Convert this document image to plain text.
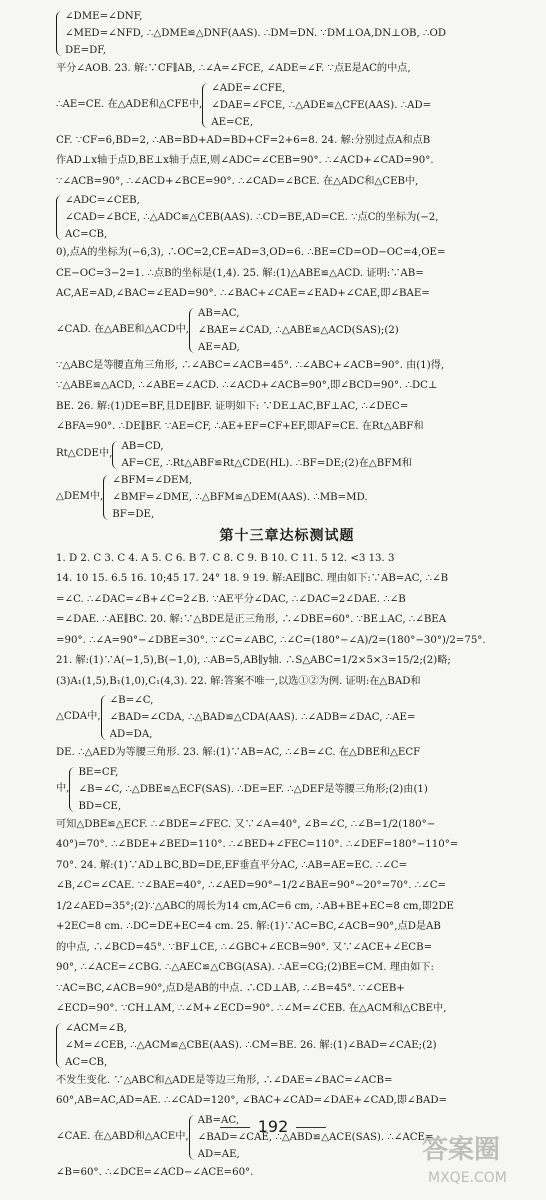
∠DME=∠DNF,
∠MED=∠NFD, ∴△DME≌△DNF(AAS). ∴DM=DN. ∵DM⊥OA,DN⊥OB, ∴OD
DE=DF,
平分∠AOB. 23. 解:∵CF∥AB, ∴∠A=∠FCE, ∠ADE=∠F. ∵点E是AC的中点,
∴AE=CE. 在△ADE和△CFE中,
∠ADE=∠CFE,
∠DAE=∠FCE, ∴△ADE≌△CFE(AAS). ∴AD=
AE=CE,
CF. ∵CF=6,BD=2, ∴AB=BD+AD=BD+CF=2+6=8. 24. 解:分别过点A和点B
作AD⊥x轴于点D,BE⊥x轴于点E,则∠ADC=∠CEB=90°. ∴∠ACD+∠CAD=90°.
∵∠ACB=90°, ∴∠ACD+∠BCE=90°. ∴∠CAD=∠BCE. 在△ADC和△CEB中,
∠ADC=∠CEB,
∠CAD=∠BCE, ∴△ADC≌△CEB(AAS). ∴CD=BE,AD=CE. ∵点C的坐标为(−2,
AC=CB,
0),点A的坐标为(−6,3), ∴OC=2,CE=AD=3,OD=6. ∴BE=CD=OD−OC=4,OE=
CE−OC=3−2=1. ∴点B的坐标是(1,4). 25. 解:(1)△ABE≌△ACD. 证明:∵AB=
AC,AE=AD,∠BAC=∠EAD=90°. ∴∠BAC+∠CAE=∠EAD+∠CAE,即∠BAE=
∠CAD. 在△ABE和△ACD中,
AB=AC,
∠BAE=∠CAD, ∴△ABE≌△ACD(SAS);(2)
AE=AD,
∵△ABC是等腰直角三角形, ∴∠ABC=∠ACB=45°. ∴∠ABC+∠ACB=90°. 由(1)得,
∵△ABE≌△ACD, ∴∠ABE=∠ACD. ∴∠ACD+∠ACB=90°,即∠BCD=90°. ∴DC⊥
BE. 26. 解:(1)DE=BF,且DE∥BF. 证明如下: ∵DE⊥AC,BF⊥AC, ∴∠DEC=
∠BFA=90°. ∴DE∥BF. ∵AE=CF, ∴AE+EF=CF+EF,即AF=CE. 在Rt△ABF和
Rt△CDE中,
AB=CD,
AF=CE, ∴Rt△ABF≌Rt△CDE(HL). ∴BF=DE;(2)在△BFM和
△DEM中,
∠BFM=∠DEM,
∠BMF=∠DME, ∴△BFM≌△DEM(AAS). ∴MB=MD.
BF=DE,
第十三章达标测试题
1. D 2. C 3. C 4. A 5. C 6. B 7. C 8. C 9. B 10. C 11. 5 12. <3 13. 3
14. 10 15. 6.5 16. 10;45 17. 24° 18. 9 19. 解:AE∥BC. 理由如下:∵AB=AC, ∴∠B
=∠C. ∴∠DAC=∠B+∠C=2∠B. ∵AE平分∠DAC, ∴∠DAC=2∠DAE. ∴∠B
=∠DAE. ∴AE∥BC. 20. 解:∵△BDE是正三角形, ∴∠DBE=60°. ∵BE⊥AC, ∴∠BEA
=90°. ∴∠A=90°−∠DBE=30°. ∵∠C=∠ABC, ∴∠C=(180°−∠A)/2=(180°−30°)/2=75°.
21. 解:(1)∵A(−1,5),B(−1,0), ∴AB=5,AB∥y轴. ∴S△ABC=1/2×5×3=15/2;(2)略;
(3)A₁(1,5),B₁(1,0),C₁(4,3). 22. 解:答案不唯一,以选①②为例. 证明:在△BAD和
△CDA中,
∠B=∠C,
∠BAD=∠CDA, ∴△BAD≌△CDA(AAS). ∴∠ADB=∠DAC, ∴AE=
AD=DA,
DE. ∴△AED为等腰三角形. 23. 解:(1)∵AB=AC, ∴∠B=∠C. 在△DBE和△ECF
中,
BE=CF,
∠B=∠C, ∴△DBE≌△ECF(SAS). ∴DE=EF. ∴△DEF是等腰三角形;(2)由(1)
BD=CE,
可知△DBE≌△ECF. ∴∠BDE=∠FEC. 又∵∠A=40°, ∠B=∠C, ∴∠B=1/2(180°−
40°)=70°. ∴∠BDE+∠BED=110°. ∴∠BED+∠FEC=110°. ∴∠DEF=180°−110°=
70°. 24. 解:(1)∵AD⊥BC,BD=DE,EF垂直平分AC, ∴AB=AE=EC. ∴∠C=
∠B,∠C=∠CAE. ∵∠BAE=40°, ∴∠AED=90°−1/2∠BAE=90°−20°=70°. ∴∠C=
1/2∠AED=35°;(2)∵△ABC的周长为14 cm,AC=6 cm, ∴AB+BE+EC=8 cm,即2DE
+2EC=8 cm. ∴DC=DE+EC=4 cm. 25. 解:(1)∵AC=BC,∠ACB=90°,点D是AB
的中点, ∴∠BCD=45°. ∵BF⊥CE, ∴∠GBC+∠ECB=90°. 又∵∠ACE+∠ECB=
90°, ∴∠ACE=∠CBG. ∴△AEC≌△CBG(ASA). ∴AE=CG;(2)BE=CM. 理由如下:
∵AC=BC,∠ACB=90°,点D是AB的中点. ∴CD⊥AB, ∴∠B=45°. ∵∠CEB+
∠ECD=90°. ∵CH⊥AM, ∴∠M+∠ECD=90°. ∴∠M=∠CEB. 在△ACM和△CBE中,
∠ACM=∠B,
∠M=∠CEB, ∴△ACM≌△CBE(AAS). ∴CM=BE. 26. 解:(1)∠BAD=∠CAE;(2)
AC=CB,
不发生变化. ∵△ABC和△ADE是等边三角形, ∴∠DAE=∠BAC=∠ACB=
60°,AB=AC,AD=AE. ∴∠CAD=120°, ∠BAC+∠CAD=∠DAE+∠CAD,即∠BAD=
∠CAE. 在△ABD和△ACE中,
AB=AC,
∠BAD=∠CAE, ∴△ABD≌△ACE(SAS). ∴∠ACE=
AD=AE,
∠B=60°. ∴∠DCE=∠ACD−∠ACE=60°.
192
答案圈
MXQE.COM
